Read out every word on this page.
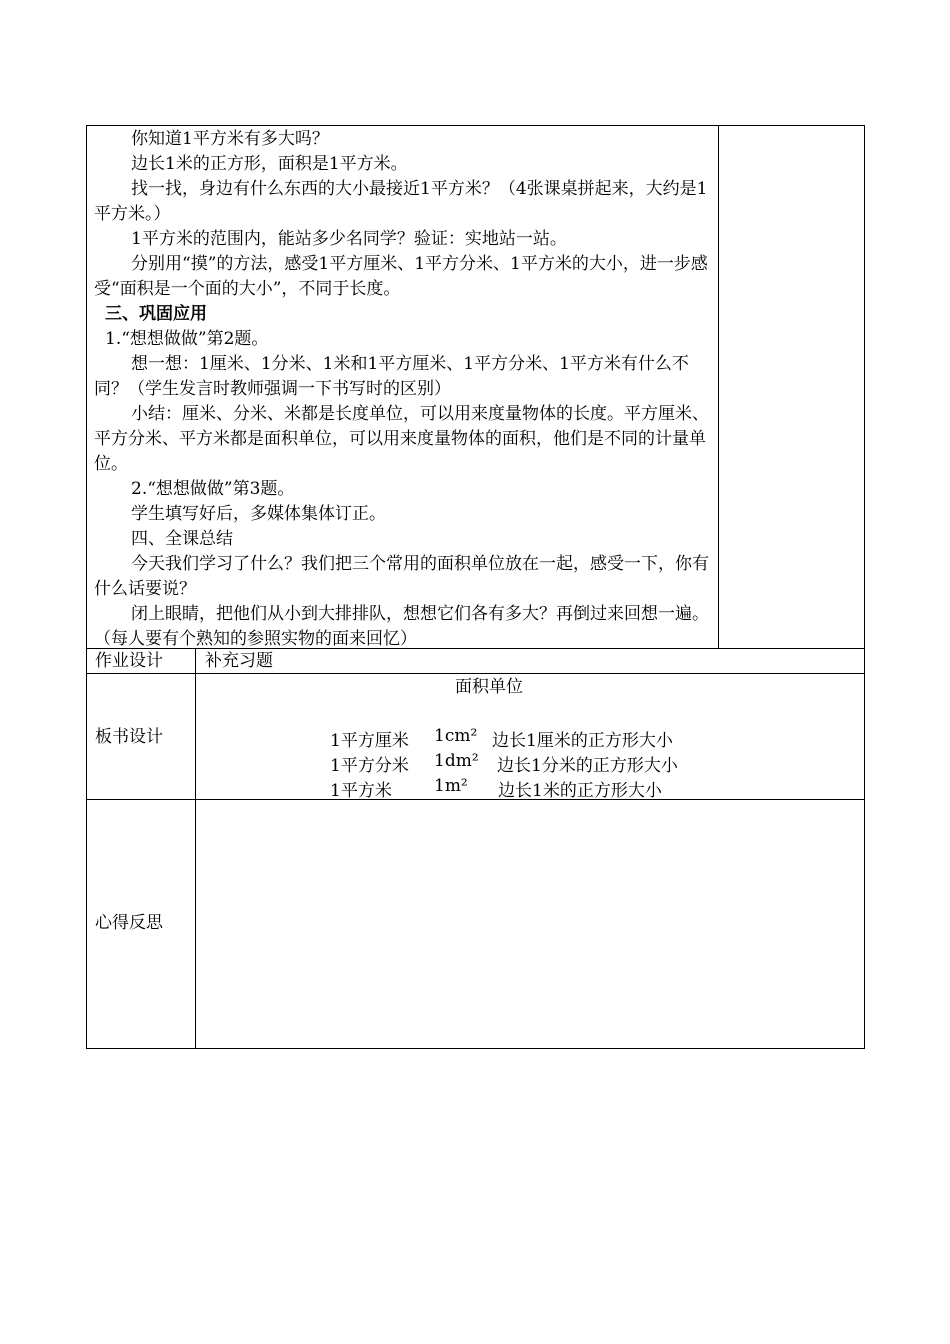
你知道1平方米有多大吗？
边长1米的正方形，面积是1平方米。
找一找，身边有什么东西的大小最接近1平方米？（4张课桌拼起来，大约是1平方米。）
1平方米的范围内，能站多少名同学？验证：实地站一站。
分别用“摸”的方法，感受1平方厘米、1平方分米、1平方米的大小，进一步感受“面积是一个面的大小”，不同于长度。
三、巩固应用
1.“想想做做”第2题。
想一想：1厘米、1分米、1米和1平方厘米、1平方分米、1平方米有什么不同？（学生发言时教师强调一下书写时的区别）
小结：厘米、分米、米都是长度单位，可以用来度量物体的长度。平方厘米、平方分米、平方米都是面积单位，可以用来度量物体的面积，他们是不同的计量单位。
2.“想想做做”第3题。
学生填写好后，多媒体集体订正。
四、全课总结
今天我们学习了什么？我们把三个常用的面积单位放在一起，感受一下，你有什么话要说？
闭上眼睛，把他们从小到大排排队，想想它们各有多大？再倒过来回想一遍。（每人要有个熟知的参照实物的面来回忆）
作业设计 补充习题
板书设计
面积单位
1平方厘米 1cm² 边长1厘米的正方形大小
1平方分米 1dm² 边长1分米的正方形大小
1平方米 1m² 边长1米的正方形大小
心得反思
